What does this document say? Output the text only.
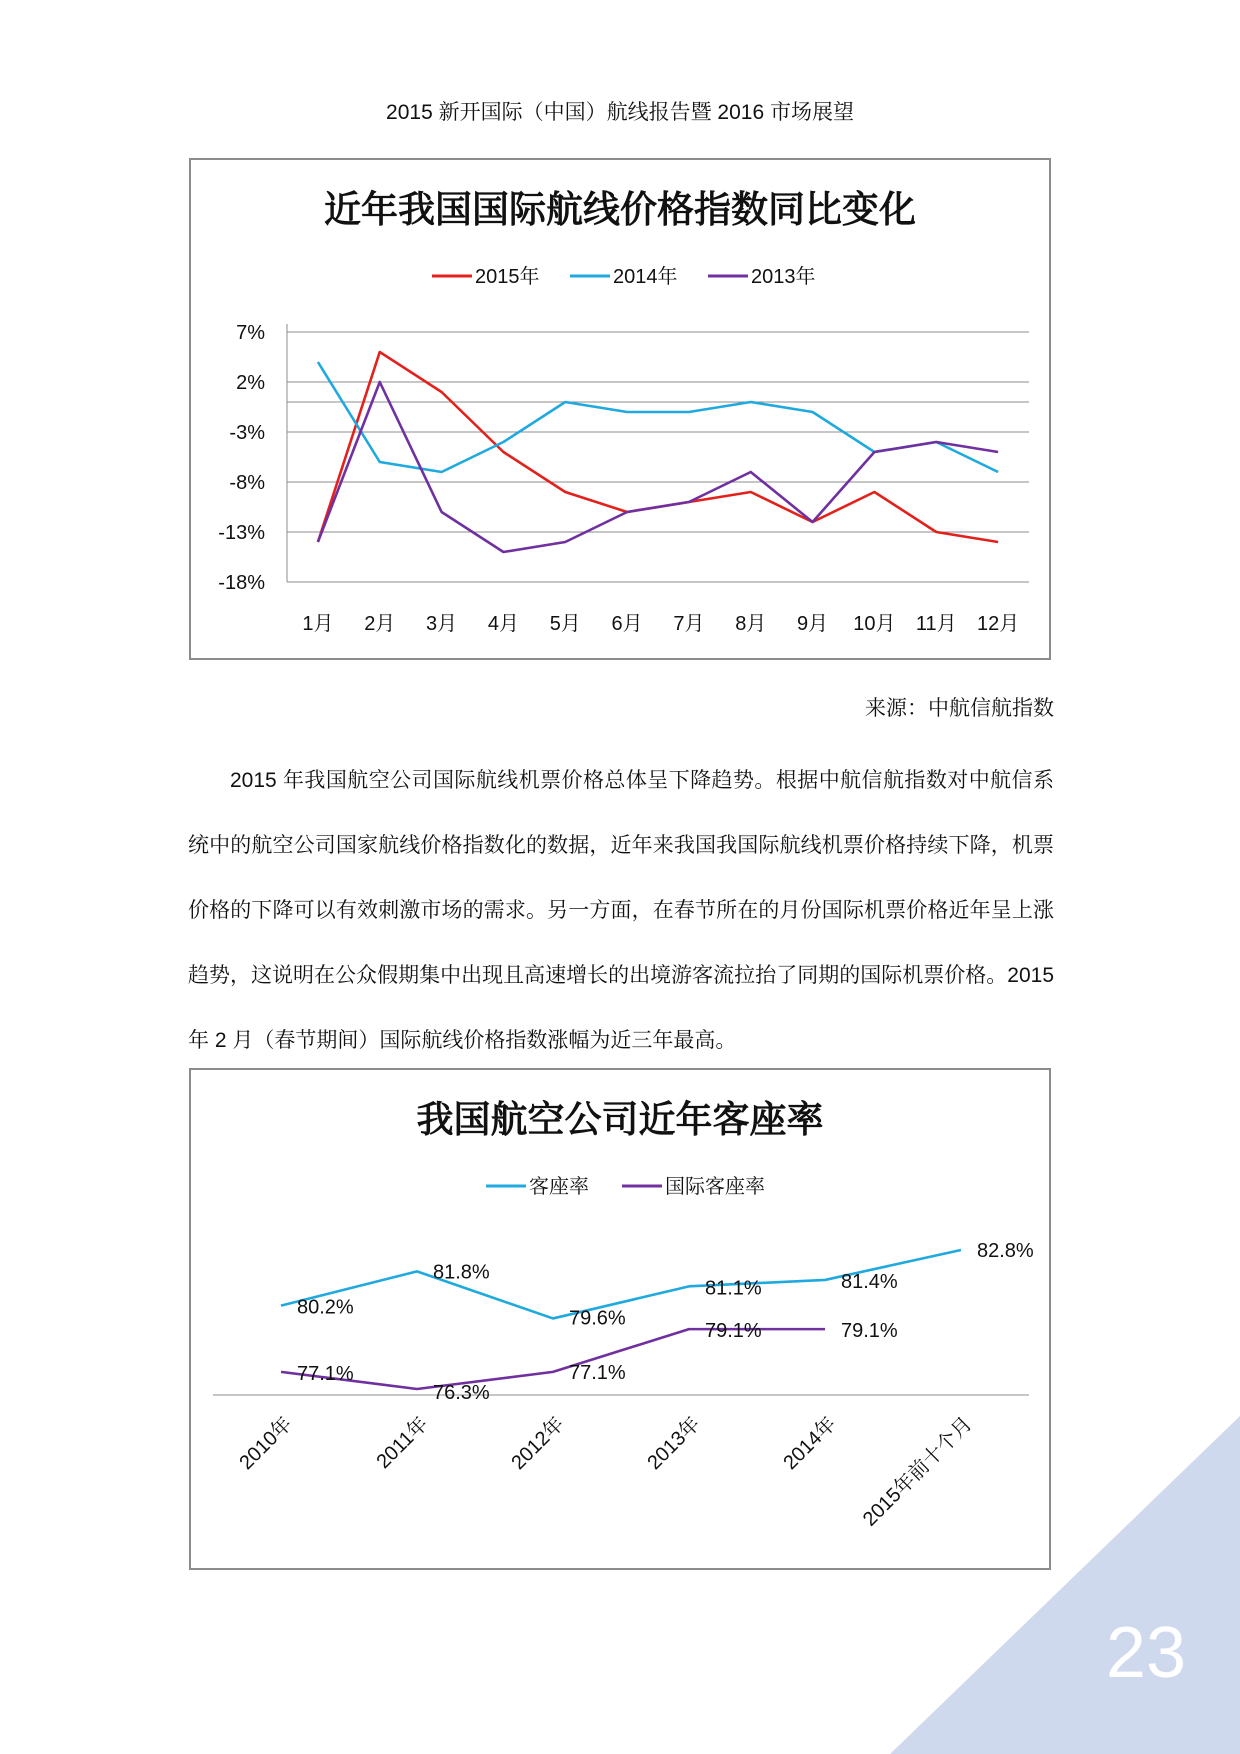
2015 新开国际（中国）航线报告暨 2016 市场展望
近年我国国际航线价格指数同比变化
2015年	2014年	2013年
7%
2%
-3%
-8%
-13%
-18%
1月 2月 3月 4月 5月 6月 7月 8月 9月 10月 11月 12月
来源：中航信航指数

2015 年我国航空公司国际航线机票价格总体呈下降趋势。根据中航信航指数对中航信系统中的航空公司国家航线价格指数化的数据，近年来我国我国际航线机票价格持续下降，机票价格的下降可以有效刺激市场的需求。另一方面，在春节所在的月份国际机票价格近年呈上涨趋势，这说明在公众假期集中出现且高速增长的出境游客流拉抬了同期的国际机票价格。2015 年 2 月（春节期间）国际航线价格指数涨幅为近三年最高。

我国航空公司近年客座率
客座率	国际客座率
2010年	2011年	2012年	2013年	2014年 2015年前十个月
80.2%
81.8%
79.6%
81.1%	81.4%
82.8%
77.1%
76.3%
77.1%
79.1%	79.1%
23
